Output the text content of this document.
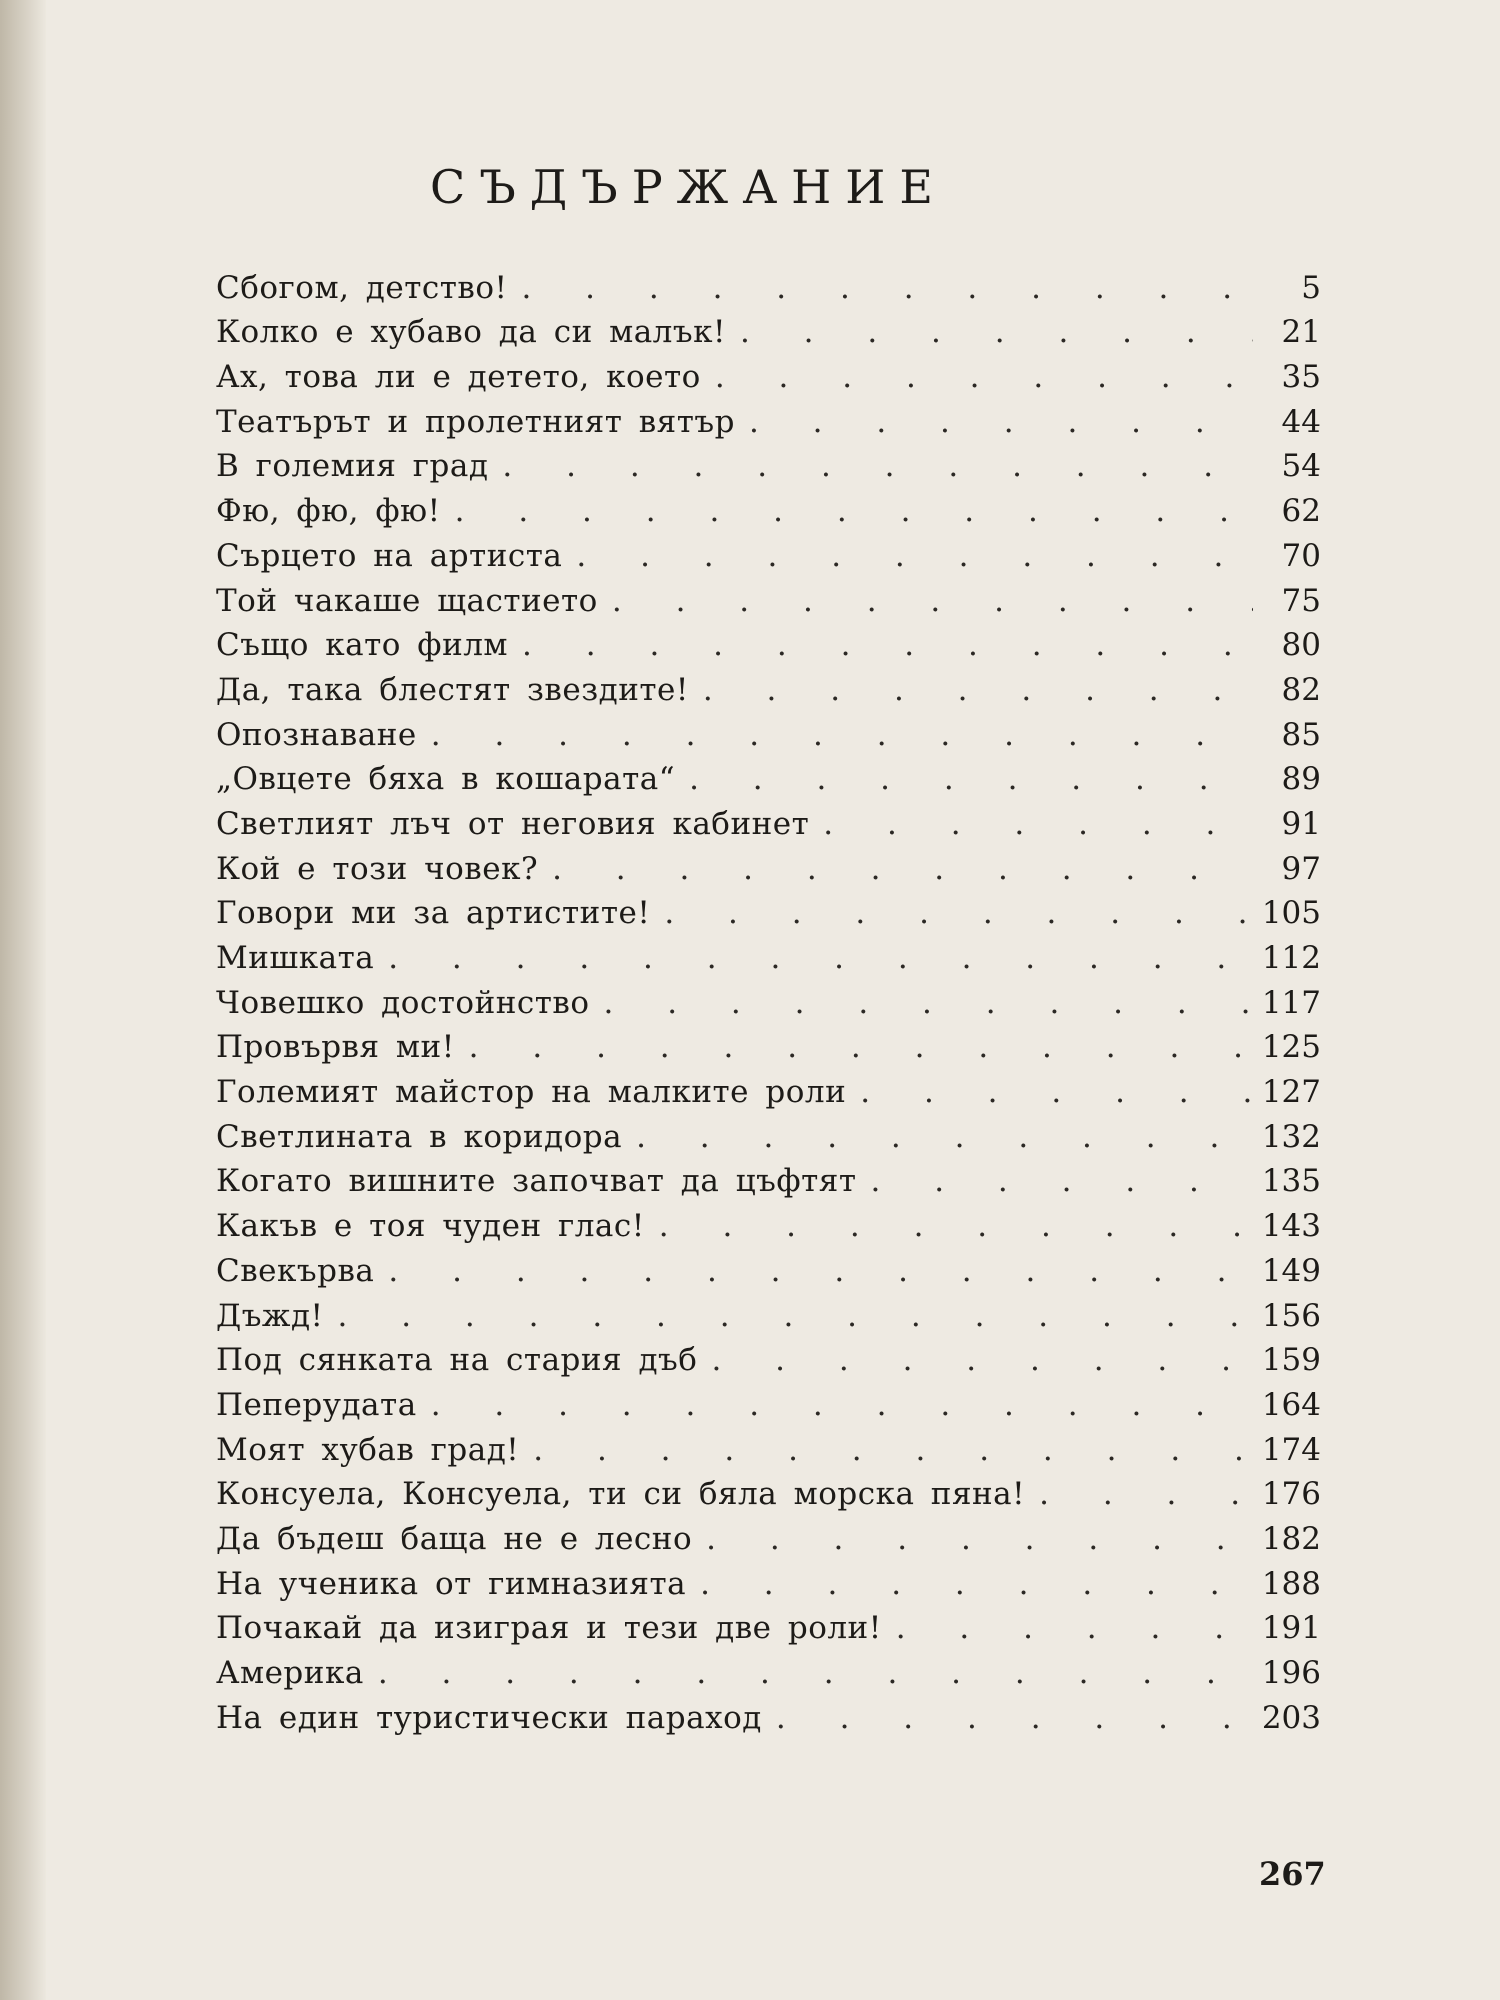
СЪДЪРЖАНИЕ
Сбогом, детство! . . .	5
Колко е хубаво да си малък! . . .	21
Ах, това ли е детето, което . . .	35
Театърът и пролетният вятър . . .	44
В големия град . . .	54
Фю, фю, фю! . . .	62
Сърцето на артиста . . .	70
Той чакаше щастието . . .	75
Също като филм . . .	80
Да, така блестят звездите! . . .	82
Опознаване . . .	85
„Овцете бяха в кошарата“ . . .	89
Светлият лъч от неговия кабинет . . .	91
Кой е този човек? . . .	97
Говори ми за артистите! . . .	105
Мишката . . .	112
Човешко достойнство . . .	117
Провървя ми! . . .	125
Големият майстор на малките роли . . .	127
Светлината в коридора . . .	132
Когато вишните започват да цъфтят . . .	135
Какъв е тоя чуден глас! . . .	143
Свекърва . . .	149
Дъжд! . . .	156
Под сянката на стария дъб . . .	159
Пеперудата . . .	164
Моят хубав град! . . .	174
Консуела, Консуела, ти си бяла морска пяна! . . .	176
Да бъдеш баща не е лесно . . .	182
На ученика от гимназията . . .	188
Почакай да изиграя и тези две роли! . . .	191
Америка . . .	196
На един туристически параход . . .	203
267
